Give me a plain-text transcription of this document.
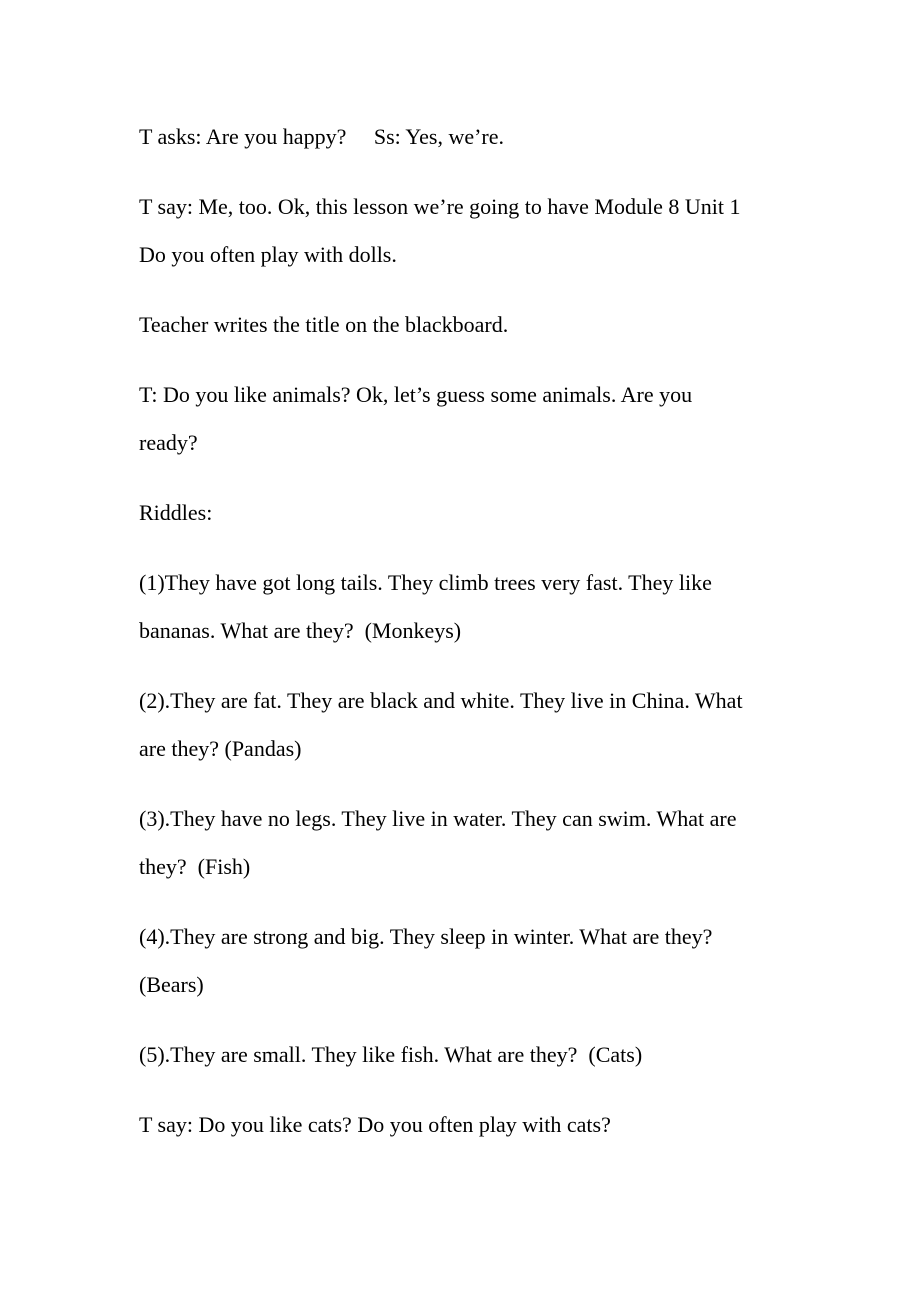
T asks: Are you happy?     Ss: Yes, we’re.
T say: Me, too. Ok, this lesson we’re going to have Module 8 Unit 1
Do you often play with dolls.
Teacher writes the title on the blackboard.
T: Do you like animals? Ok, let’s guess some animals. Are you
ready?
Riddles:
(1)They have got long tails. They climb trees very fast. They like
bananas. What are they?  (Monkeys)
(2).They are fat. They are black and white. They live in China. What
are they? (Pandas)
(3).They have no legs. They live in water. They can swim. What are
they?  (Fish)
(4).They are strong and big. They sleep in winter. What are they?
(Bears)
(5).They are small. They like fish. What are they?  (Cats)
T say: Do you like cats? Do you often play with cats?
